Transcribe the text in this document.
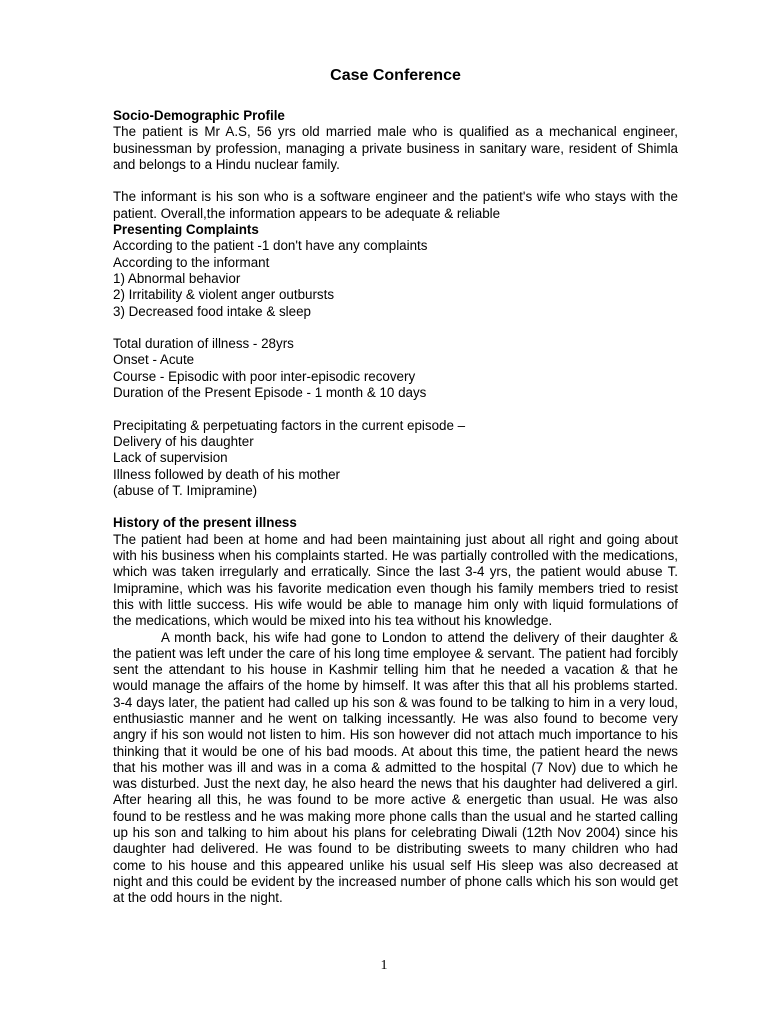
Case Conference

Socio-Demographic Profile

The patient is Mr A.S, 56 yrs old married male who is qualified as a mechanical engineer, businessman by profession, managing a private business in sanitary ware, resident of Shimla and belongs to a Hindu nuclear family.

The informant is his son who is a software engineer and the patient's wife who stays with the patient. Overall,the information appears to be adequate & reliable

Presenting Complaints

According to the patient -1 don't have any complaints

According to the informant

1) Abnormal behavior

2) Irritability & violent anger outbursts

3) Decreased food intake & sleep

Total duration of illness - 28yrs

Onset - Acute

Course - Episodic with poor inter-episodic recovery

Duration of the Present Episode - 1 month & 10 days

Precipitating & perpetuating factors in the current episode –

Delivery of his daughter

Lack of supervision

Illness followed by death of his mother

(abuse of T. Imipramine)

History of the present illness

The patient had been at home and had been maintaining just about all right and going about with his business when his complaints started. He was partially controlled with the medications, which was taken irregularly and erratically. Since the last 3-4 yrs, the patient would abuse T. Imipramine, which was his favorite medication even though his family members tried to resist this with little success. His wife would be able to manage him only with liquid formulations of the medications, which would be mixed into his tea without his knowledge.

A month back, his wife had gone to London to attend the delivery of their daughter & the patient was left under the care of his long time employee & servant. The patient had forcibly sent the attendant to his house in Kashmir telling him that he needed a vacation & that he would manage the affairs of the home by himself. It was after this that all his problems started. 3-4 days later, the patient had called up his son & was found to be talking to him in a very loud, enthusiastic manner and he went on talking incessantly. He was also found to become very angry if his son would not listen to him. His son however did not attach much importance to his thinking that it would be one of his bad moods. At about this time, the patient heard the news that his mother was ill and was in a coma & admitted to the hospital (7 Nov) due to which he was disturbed. Just the next day, he also heard the news that his daughter had delivered a girl. After hearing all this, he was found to be more active & energetic than usual. He was also found to be restless and he was making more phone calls than the usual and he started calling up his son and talking to him about his plans for celebrating Diwali (12th Nov 2004) since his daughter had delivered. He was found to be distributing sweets to many children who had come to his house and this appeared unlike his usual self His sleep was also decreased at night and this could be evident by the increased number of phone calls which his son would get at the odd hours in the night.

1
